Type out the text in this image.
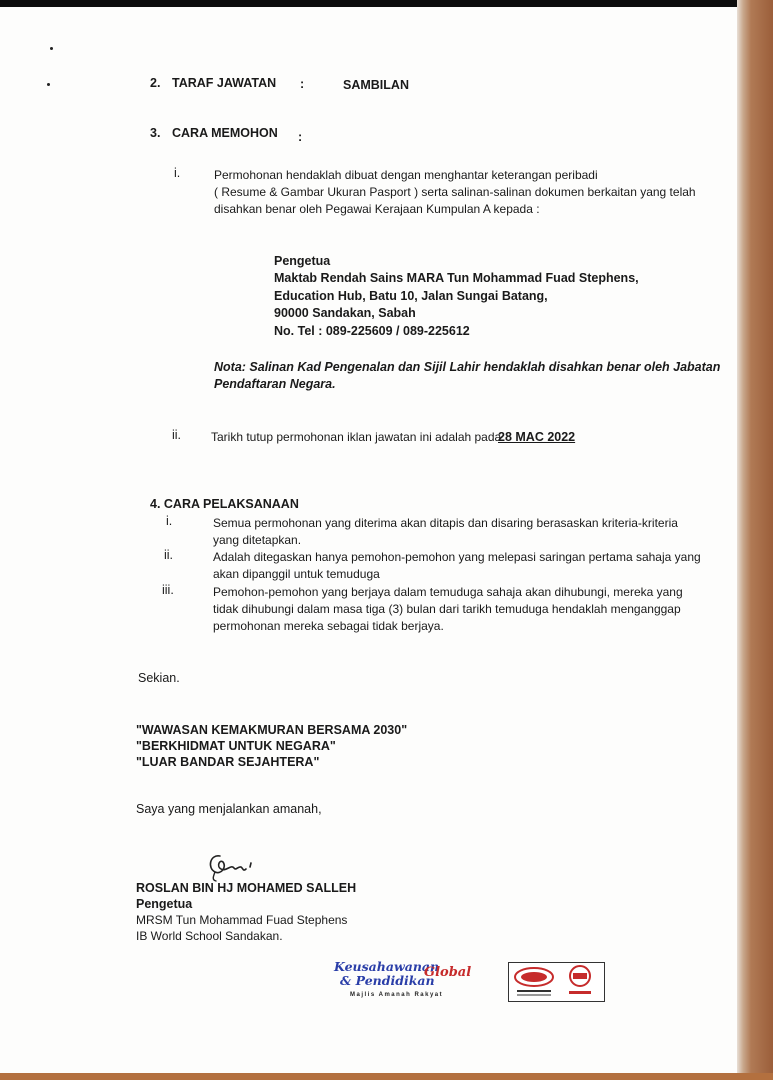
2. TARAF JAWATAN :	SAMBILAN
3. CARA MEMOHON :
i.	Permohonan hendaklah dibuat dengan menghantar keterangan peribadi
( Resume & Gambar Ukuran Pasport ) serta salinan-salinan dokumen berkaitan yang telah
disahkan benar oleh Pegawai Kerajaan Kumpulan A kepada :
Pengetua
Maktab Rendah Sains MARA Tun Mohammad Fuad Stephens,
Education Hub, Batu 10, Jalan Sungai Batang,
90000 Sandakan, Sabah
No. Tel : 089-225609 / 089-225612
Nota: Salinan Kad Pengenalan dan Sijil Lahir hendaklah disahkan benar oleh Jabatan
Pendaftaran Negara.
ii. Tarikh tutup permohonan iklan jawatan ini adalah pada
28 MAC 2022
4. CARA PELAKSANAAN
i.	Semua permohonan yang diterima akan ditapis dan disaring berasaskan kriteria-kriteria
yang ditetapkan.
ii.	Adalah ditegaskan hanya pemohon-pemohon yang melepasi saringan pertama sahaja yang
akan dipanggil untuk temuduga
iii.	Pemohon-pemohon yang berjaya dalam temuduga sahaja akan dihubungi, mereka yang
tidak dihubungi dalam masa tiga (3) bulan dari tarikh temuduga hendaklah menganggap
permohonan mereka sebagai tidak berjaya.
Sekian.
"WAWASAN KEMAKMURAN BERSAMA 2030"
"BERKHIDMAT UNTUK NEGARA"
"LUAR BANDAR SEJAHTERA"
Saya yang menjalankan amanah,
ROSLAN BIN HJ MOHAMED SALLEH
Pengetua
MRSM Tun Mohammad Fuad Stephens
IB World School Sandakan.
Keusahawanan
& Pendidikan
Global
Majlis Amanah Rakyat
